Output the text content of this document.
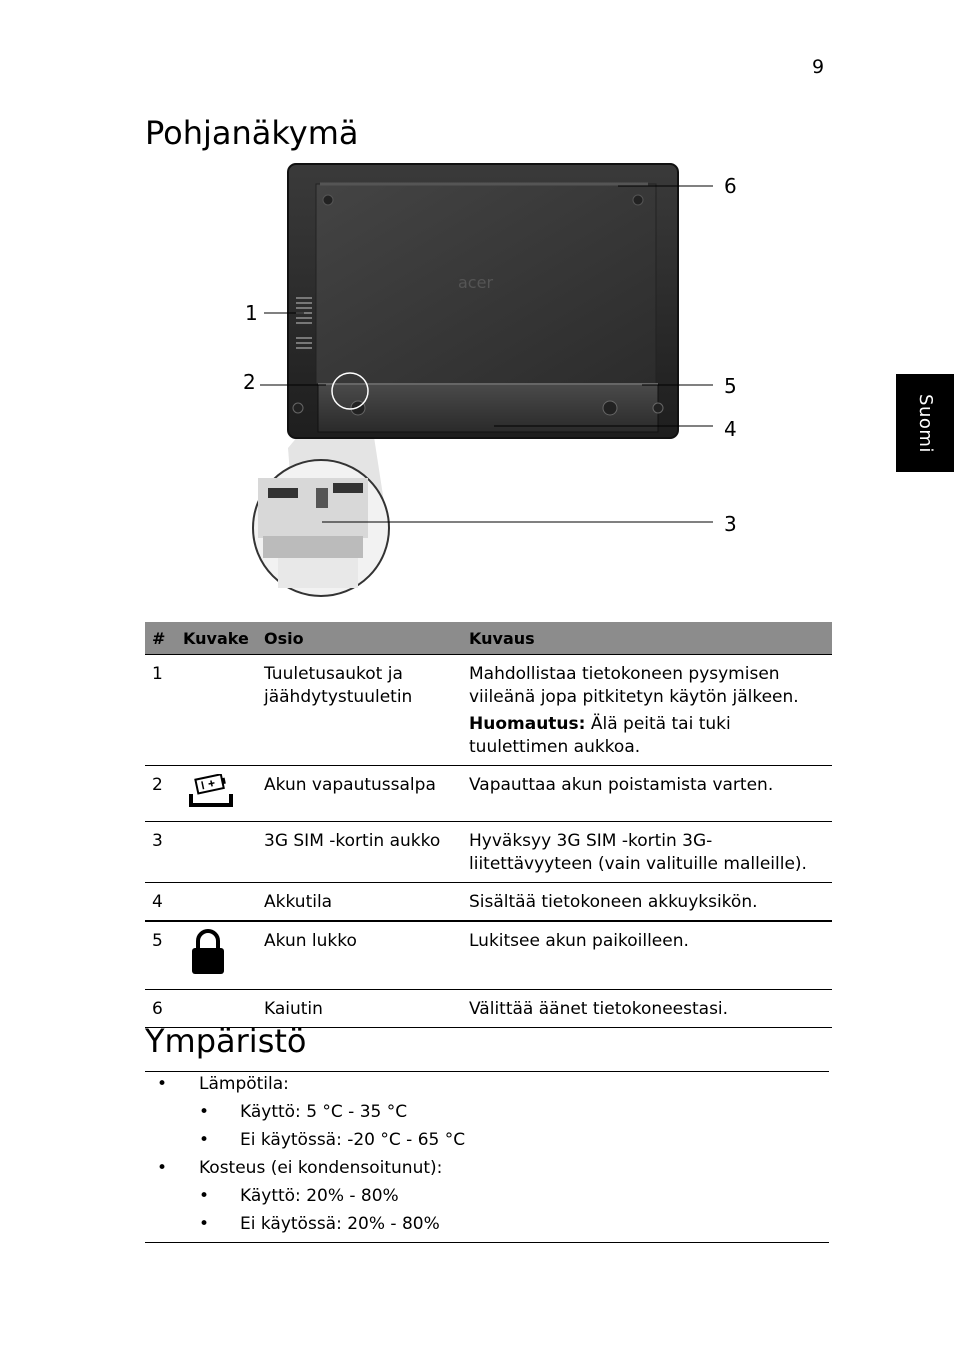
9
Pohjanäkymä
Suomi
acer
6
1
2	5
4
3
#	Kuvake	Osio	Kuvaus
1		Tuuletusaukot ja jäähdytystuuletin	Mahdollistaa tietokoneen pysymisen viileänä jopa pitkitetyn käytön jälkeen.
Huomautus: Älä peitä tai tuki tuulettimen aukkoa.

2		Akun vapautussalpa	Vapauttaa akun poistamista varten.
3		3G SIM -kortin aukko	Hyväksyy 3G SIM -kortin 3G-liitettävyyteen (vain valituille malleille).
4		Akkutila	Sisältää tietokoneen akkuyksikön.
5		Akun lukko	Lukitsee akun paikoilleen.
6		Kaiutin	Välittää äänet tietokoneestasi.
Ympäristö
• Lämpötila:
• Käyttö: 5 °C - 35 °C
• Ei käytössä: -20 °C - 65 °C
• Kosteus (ei kondensoitunut):
• Käyttö: 20% - 80%
• Ei käytössä: 20% - 80%
